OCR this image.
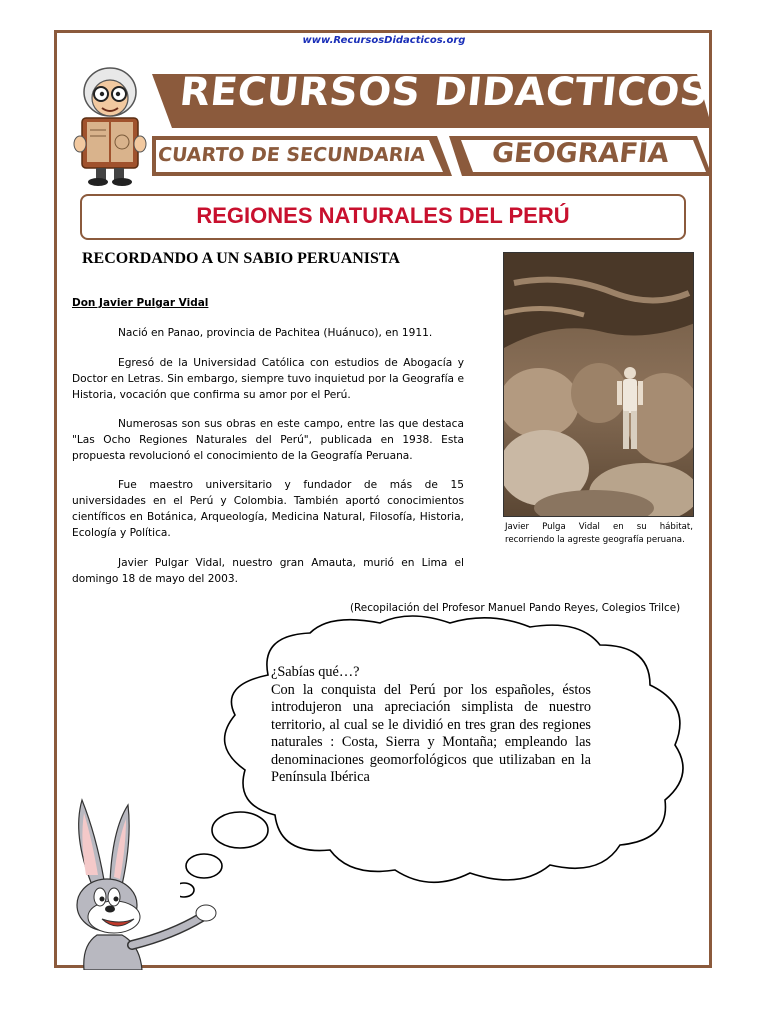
www.RecursosDidacticos.org
RECURSOS DIDÁCTICOS
CUARTO DE SECUNDARIA GEOGRAFÍA
REGIONES NATURALES DEL PERÚ
RECORDANDO A UN SABIO PERUANISTA
Don Javier Pulgar Vidal

Nació en Panao, provincia de Pachitea (Huánuco), en 1911.

Egresó de la Universidad Católica con estudios de Abogacía y Doctor en Letras. Sin embargo, siempre tuvo inquietud por la Geografía e Historia, vocación que confirma su amor por el Perú.

Numerosas son sus obras en este campo, entre las que destaca "Las Ocho Regiones Naturales del Perú", publicada en 1938. Esta propuesta revolucionó el conocimiento de la Geografía Peruana.

Fue maestro universitario y fundador de más de 15 universidades en el Perú y Colombia. También aportó conocimientos científicos en Botánica, Arqueología, Medicina Natural, Filosofía, Historia, Ecología y Política.

Javier Pulgar Vidal, nuestro gran Amauta, murió en Lima el domingo 18 de mayo del 2003.

Javier Pulga Vidal en su hábitat, recorriendo la agreste geografía peruana.
(Recopilación del Profesor Manuel Pando Reyes, Colegios Trilce)

¿Sabías qué…?

Con la conquista del Perú por los españoles, éstos introdujeron una apreciación simplista de nuestro territorio, al cual se le dividió en tres gran des regiones naturales : Costa, Sierra y Montaña; empleando las denominaciones geomorfológicos que utilizaban en la Península Ibérica
